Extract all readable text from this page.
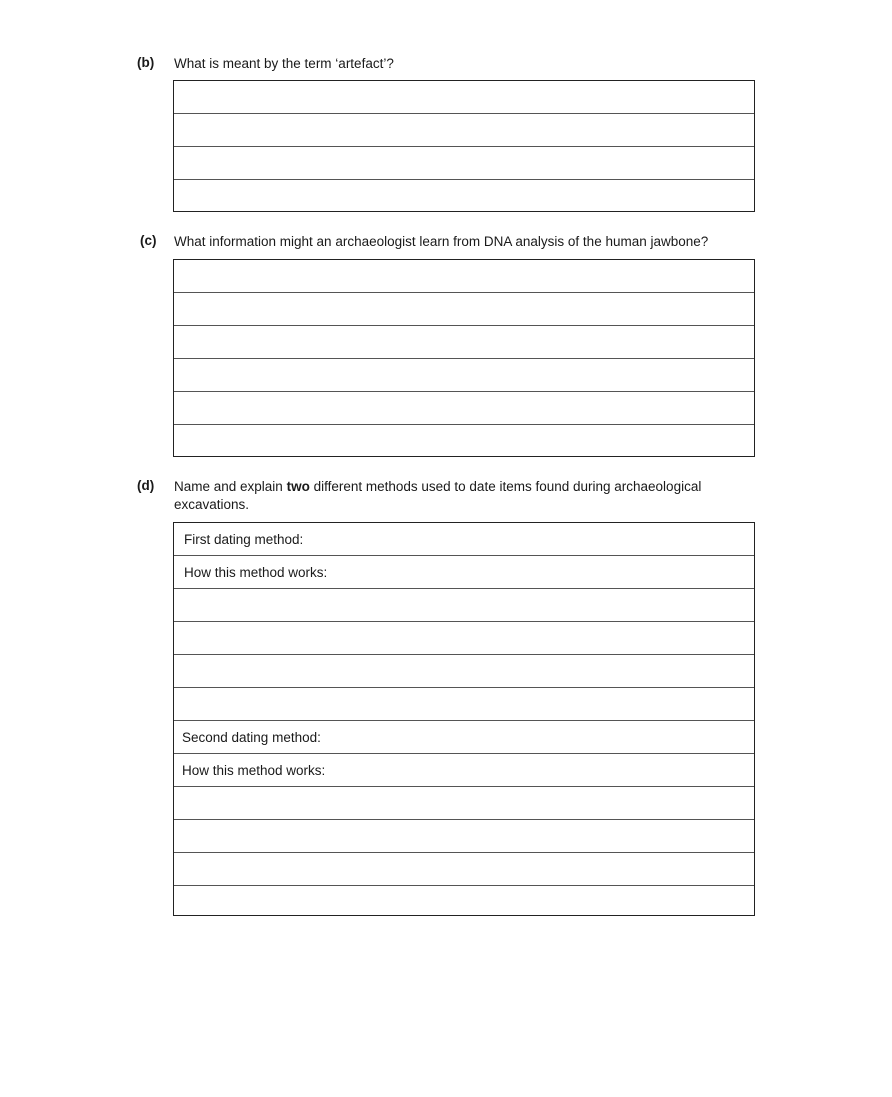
(b) What is meant by the term ‘artefact’?
(c) What information might an archaeologist learn from DNA analysis of the human jawbone?
(d) Name and explain two different methods used to date items found during archaeological excavations.
First dating method:
How this method works:
Second dating method:
How this method works:
